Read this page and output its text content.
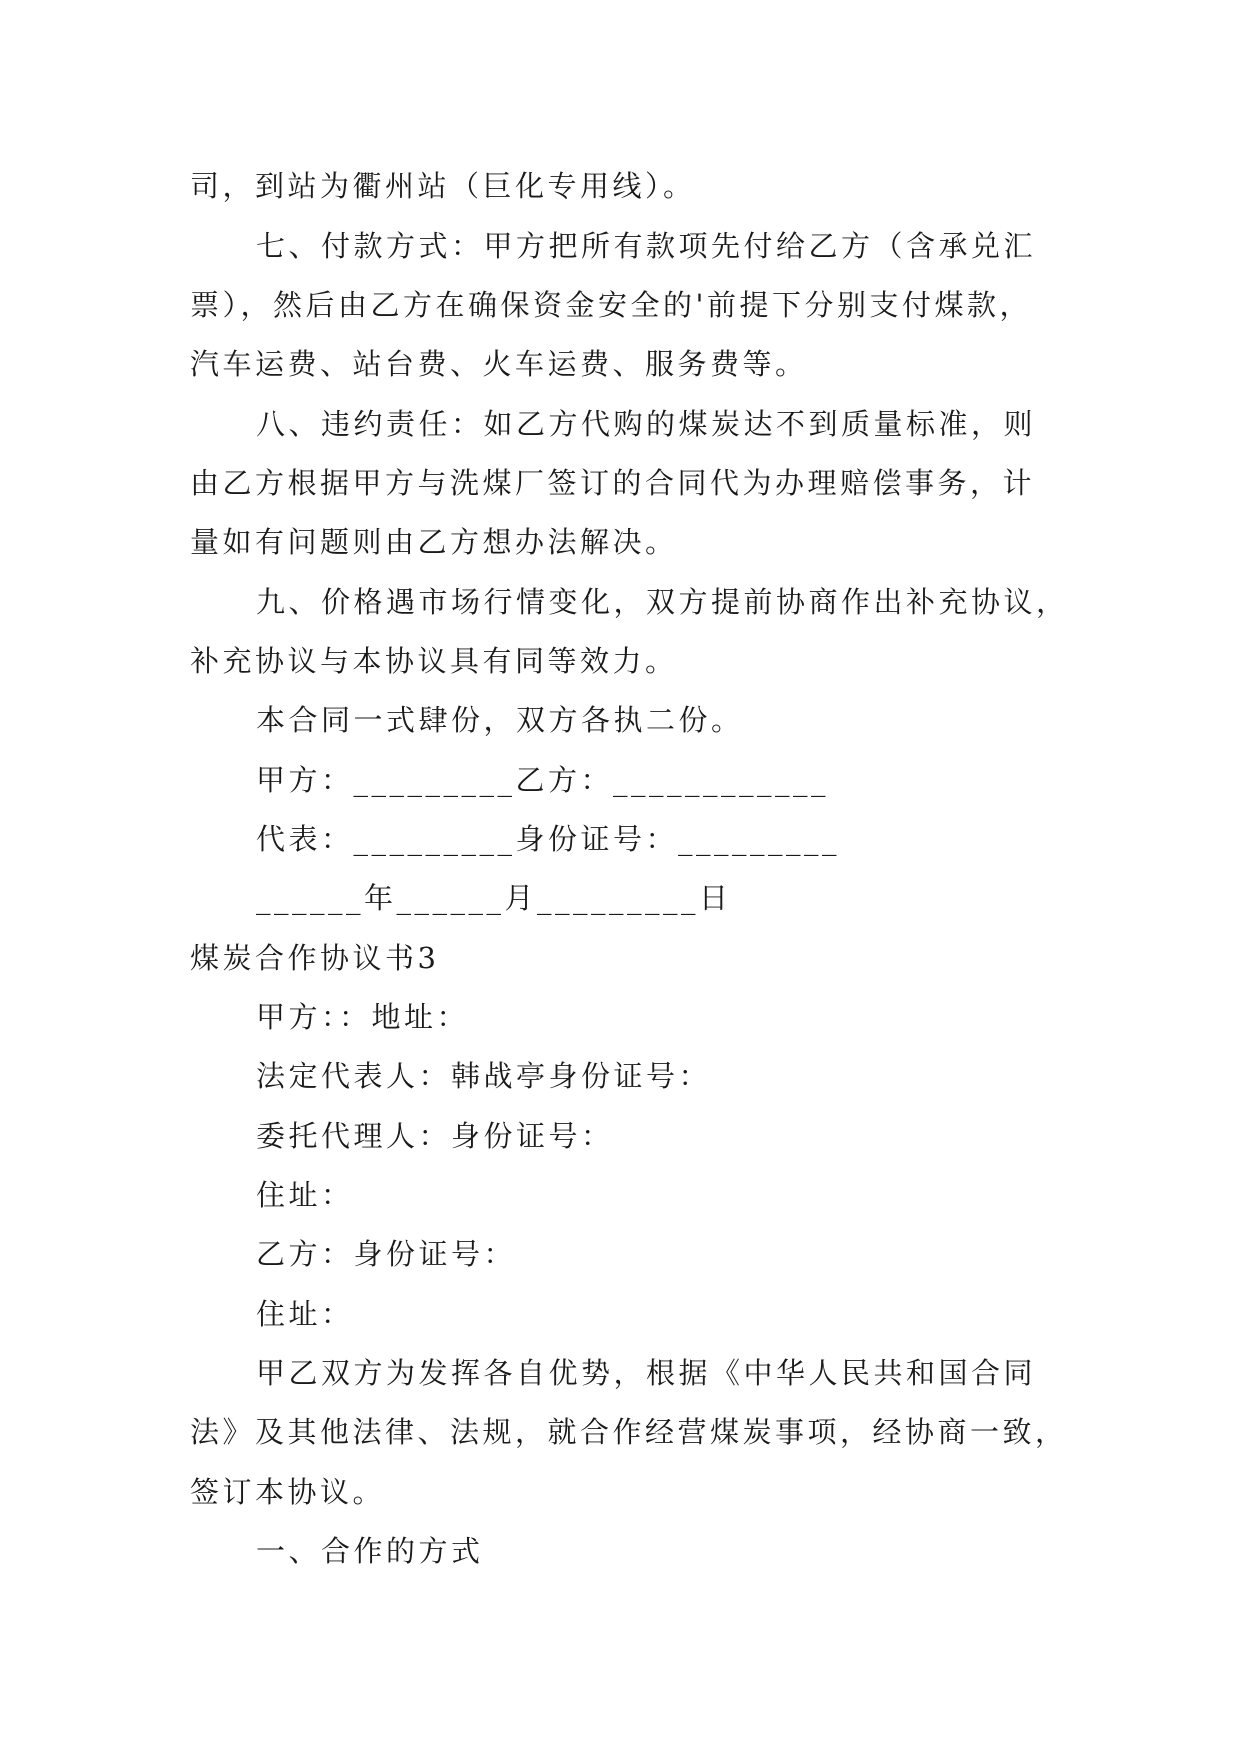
司，到站为衢州站（巨化专用线）。
七、付款方式：甲方把所有款项先付给乙方（含承兑汇
票），然后由乙方在确保资金安全的'前提下分别支付煤款，
汽车运费、站台费、火车运费、服务费等。
八、违约责任：如乙方代购的煤炭达不到质量标准，则
由乙方根据甲方与洗煤厂签订的合同代为办理赔偿事务，计
量如有问题则由乙方想办法解决。
九、价格遇市场行情变化，双方提前协商作出补充协议，
补充协议与本协议具有同等效力。
本合同一式肆份，双方各执二份。
甲方：_________乙方：____________
代表：_________身份证号：_________
______年______月_________日
煤炭合作协议书3
甲方：：地址：
法定代表人：韩战亭身份证号：
委托代理人：身份证号：
住址：
乙方：身份证号：
住址：
甲乙双方为发挥各自优势，根据《中华人民共和国合同
法》及其他法律、法规，就合作经营煤炭事项，经协商一致，
签订本协议。
一、合作的方式
